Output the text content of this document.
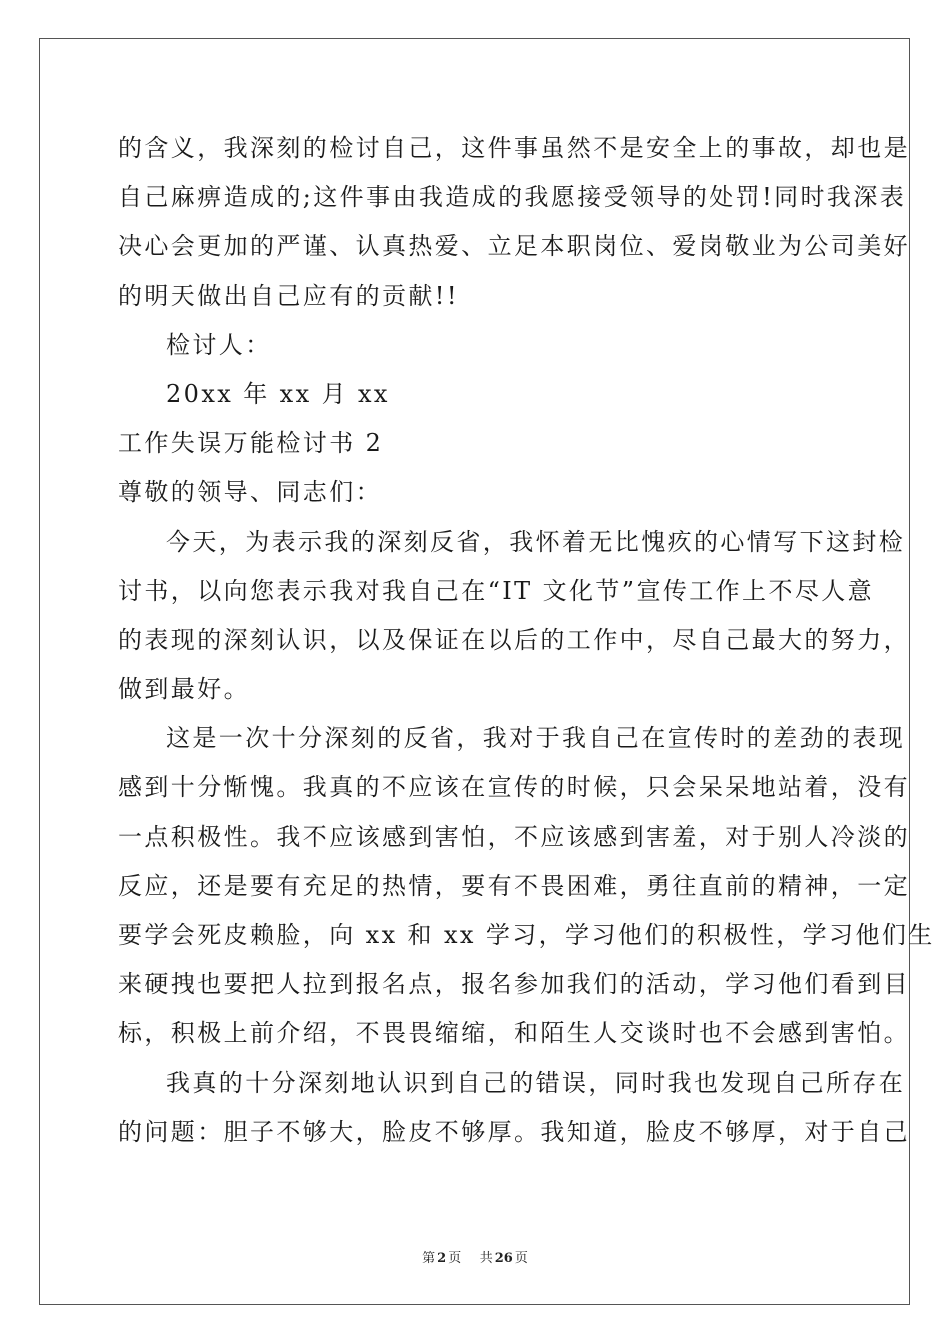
的含义，我深刻的检讨自己，这件事虽然不是安全上的事故，却也是
自己麻痹造成的;这件事由我造成的我愿接受领导的处罚!同时我深表
决心会更加的严谨、认真热爱、立足本职岗位、爱岗敬业为公司美好
的明天做出自己应有的贡献!!
检讨人：
20xx 年 xx 月 xx
工作失误万能检讨书 2
尊敬的领导、同志们：
今天，为表示我的深刻反省，我怀着无比愧疚的心情写下这封检
讨书，以向您表示我对我自己在“IT 文化节”宣传工作上不尽人意
的表现的深刻认识，以及保证在以后的工作中，尽自己最大的努力，
做到最好。
这是一次十分深刻的反省，我对于我自己在宣传时的差劲的表现
感到十分惭愧。我真的不应该在宣传的时候，只会呆呆地站着，没有
一点积极性。我不应该感到害怕，不应该感到害羞，对于别人冷淡的
反应，还是要有充足的热情，要有不畏困难，勇往直前的精神，一定
要学会死皮赖脸，向 xx 和 xx 学习，学习他们的积极性，学习他们生
来硬拽也要把人拉到报名点，报名参加我们的活动，学习他们看到目
标，积极上前介绍，不畏畏缩缩，和陌生人交谈时也不会感到害怕。
我真的十分深刻地认识到自己的错误，同时我也发现自己所存在
的问题：胆子不够大，脸皮不够厚。我知道，脸皮不够厚，对于自己
第 2 页 共 26 页
